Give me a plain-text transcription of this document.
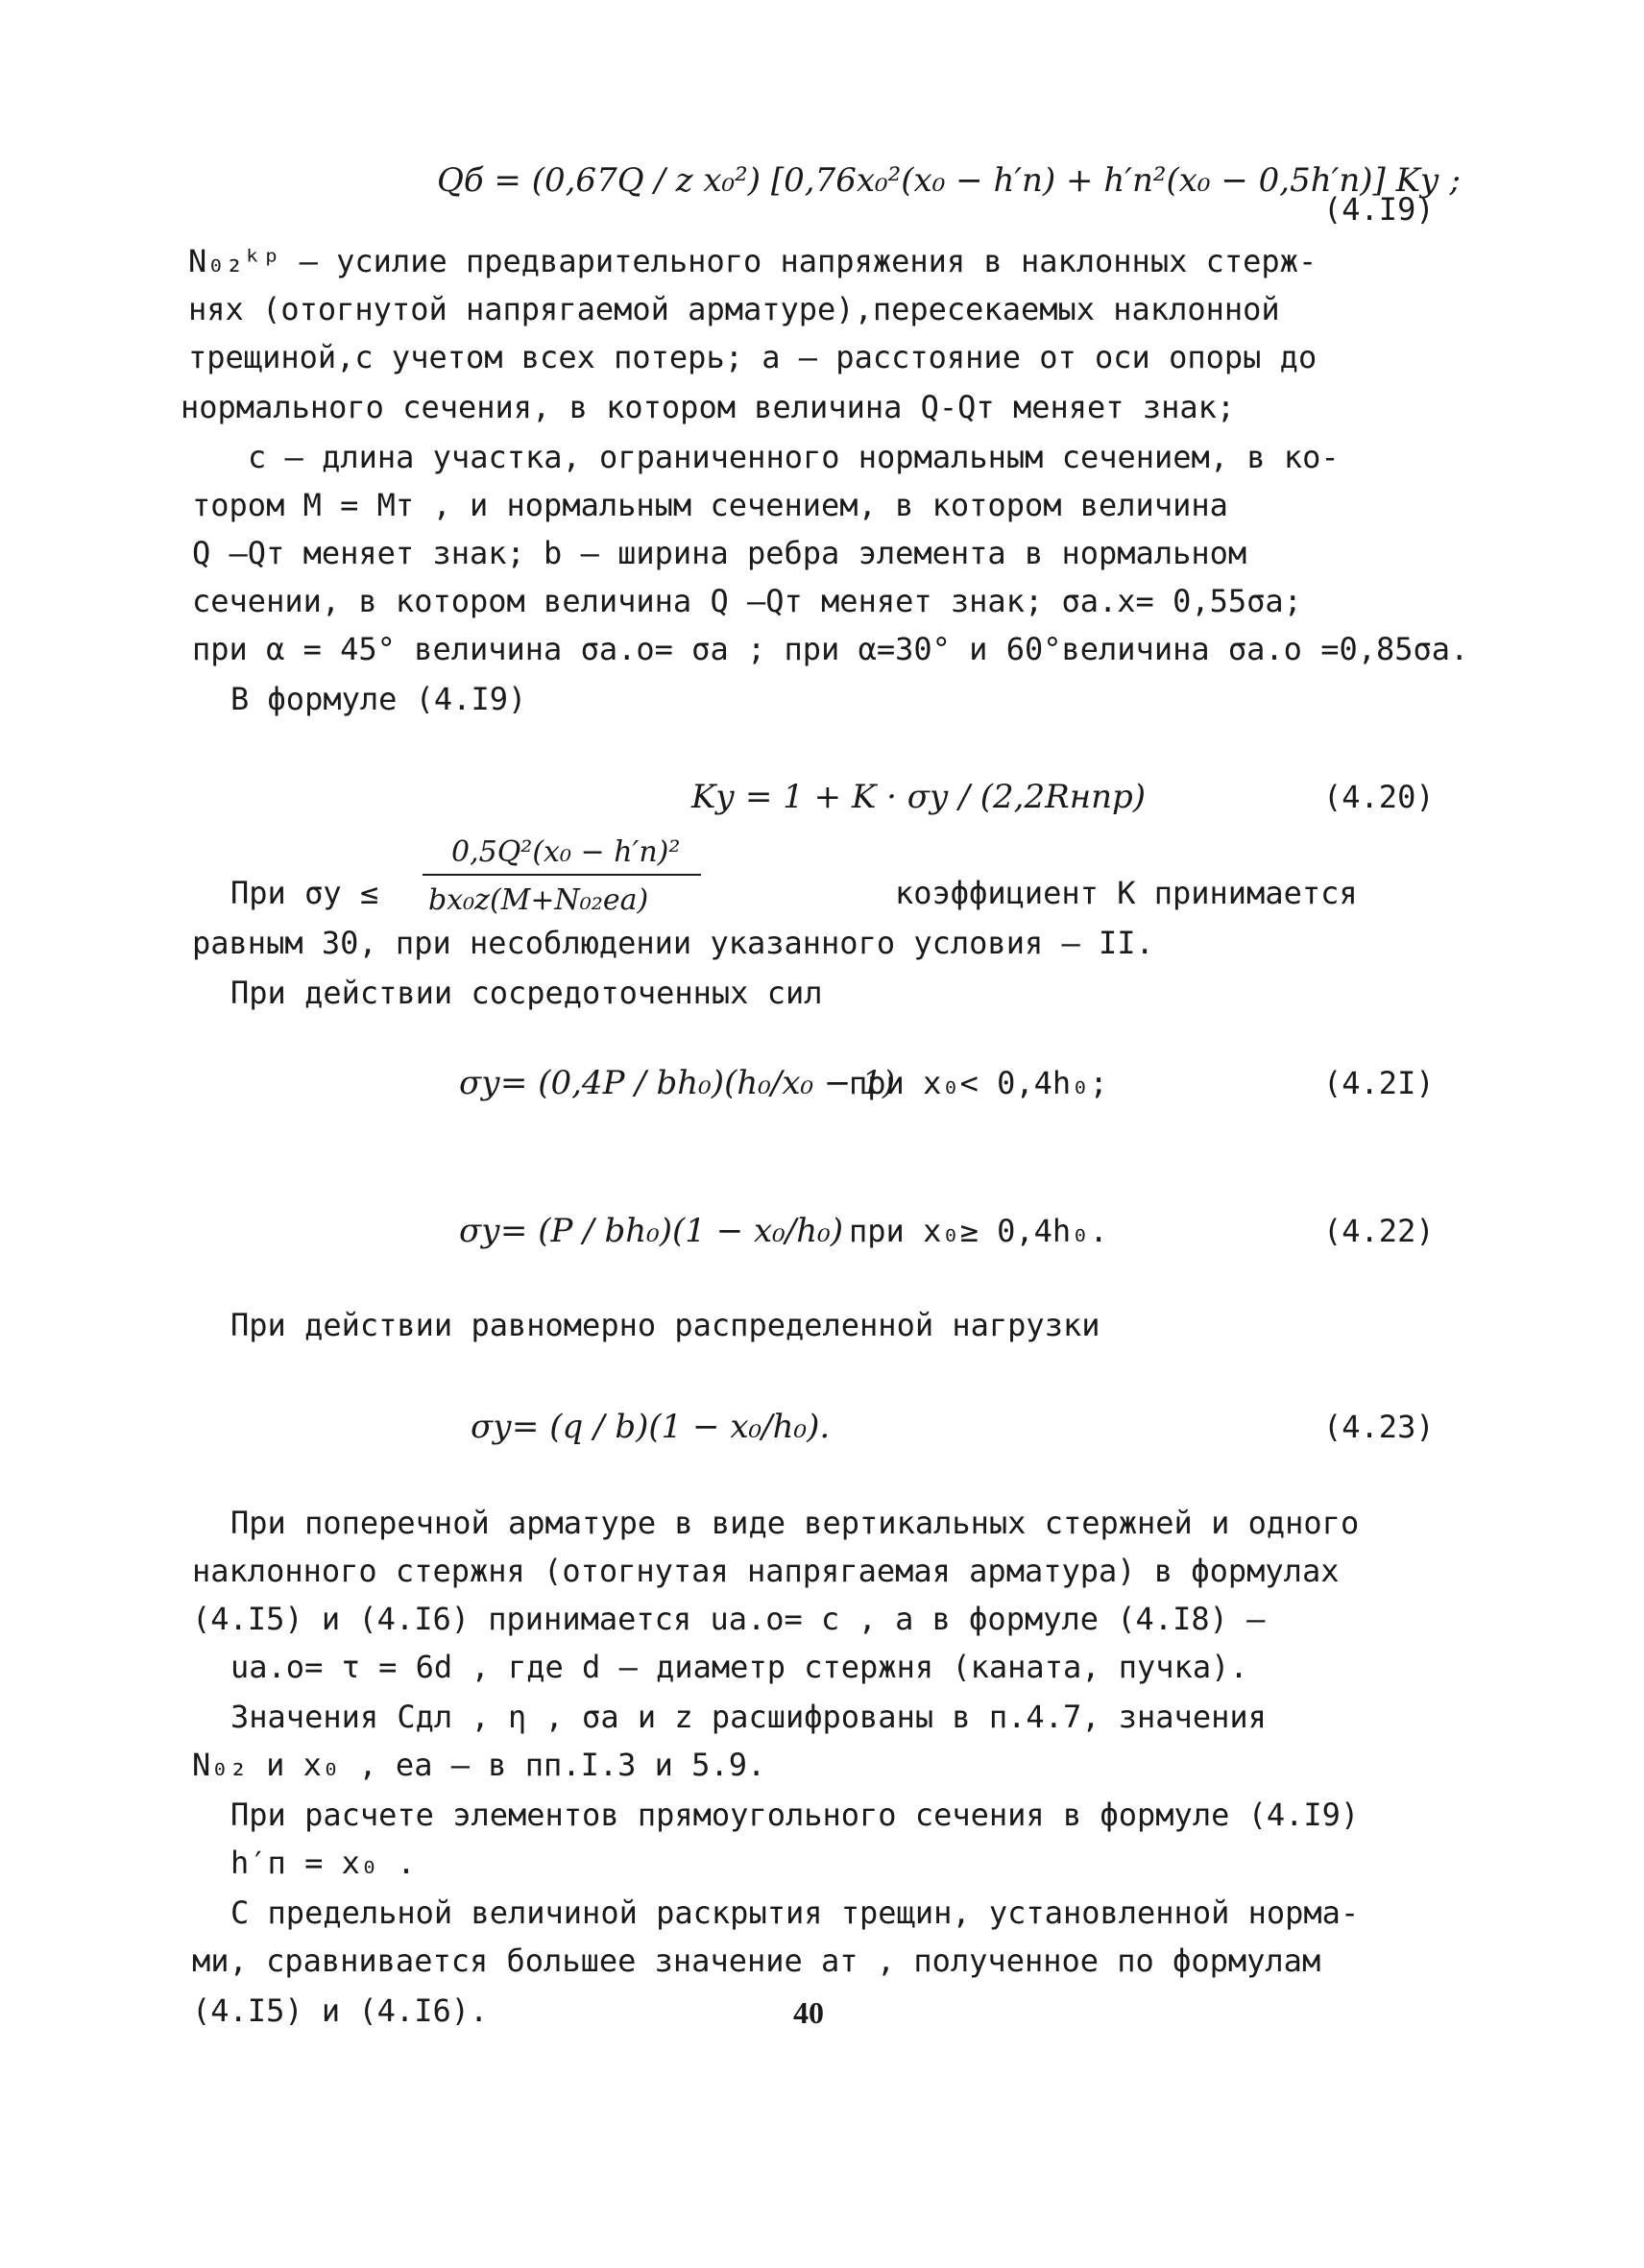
Qб = (0,67Q / z x₀²) [0,76x₀²(x₀ − h′п) + h′п²(x₀ − 0,5h′п)] Kу ;
(4.I9)
N₀₂ᵏᵖ – усилие предварительного напряжения в наклонных стерж-
нях (отогнутой напрягаемой арматуре),пересекаемых наклонной
трещиной,с учетом всех потерь; a – расстояние от оси опоры до
нормального сечения, в котором величина Q-Qт меняет знак;
c – длина участка, ограниченного нормальным сечением, в ко-
тором M = Mт , и нормальным сечением, в котором величина
Q –Qт меняет знак; b – ширина ребра элемента в нормальном
сечении, в котором величина Q –Qт меняет знак; σa.x= 0,55σa;
при α = 45° величина σa.o= σa ; при α=30° и 60°величина σa.o =0,85σa.
В формуле (4.I9)
Kу = 1 + K · σу / (2,2Rнпр)	(4.20)
При σу ≤
0,5Q²(x₀ − h′п)²
bx₀z(M+N₀₂eа)	коэффициент K принимается
равным 30, при несоблюдении указанного условия – II.
При действии сосредоточенных сил
σу= (0,4P / bh₀)(h₀/x₀ − 1)
при x₀< 0,4h₀;	(4.2I)
σу= (P / bh₀)(1 − x₀/h₀) при x₀≥ 0,4h₀.	(4.22)
При действии равномерно распределенной нагрузки
σу= (q / b)(1 − x₀/h₀).	(4.23)
При поперечной арматуре в виде вертикальных стержней и одного
наклонного стержня (отогнутая напрягаемая арматура) в формулах
(4.I5) и (4.I6) принимается uа.о= c , а в формуле (4.I8) –
uа.о= τ = 6d , где d – диаметр стержня (каната, пучка).
Значения Cдл , η , σа и z расшифрованы в п.4.7, значения
N₀₂ и x₀ , eа – в пп.I.3 и 5.9.
При расчете элементов прямоугольного сечения в формуле (4.I9)
h′п = x₀ .
С предельной величиной раскрытия трещин, установленной норма-
ми, сравнивается большее значение aт , полученное по формулам
(4.I5) и (4.I6).	40
